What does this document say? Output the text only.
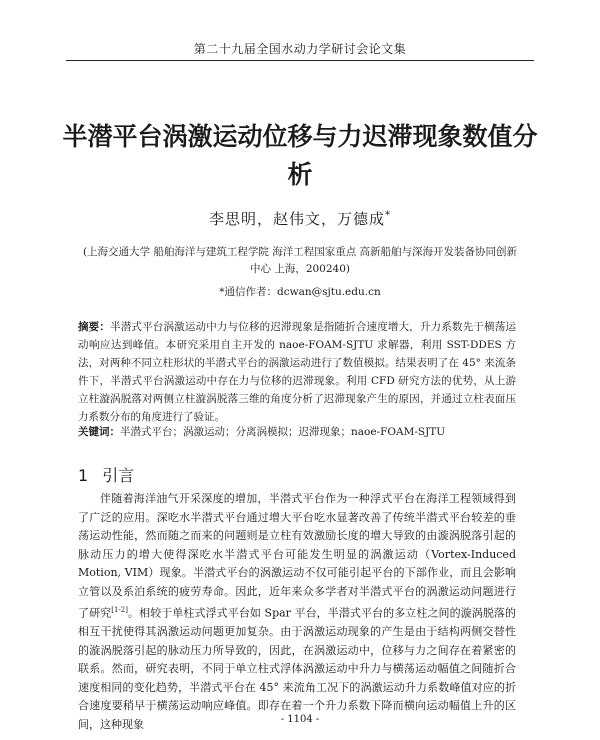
第二十九届全国水动力学研讨会论文集
半潜平台涡激运动位移与力迟滞现象数值分析
李思明，赵伟文，万德成*
(上海交通大学 船舶海洋与建筑工程学院 海洋工程国家重点 高新船舶与深海开发装备协同创新中心 上海，200240)
*通信作者：dcwan@sjtu.edu.cn
摘要：半潜式平台涡激运动中力与位移的迟滞现象是指随折合速度增大，升力系数先于横荡运动响应达到峰值。本研究采用自主开发的 naoe-FOAM-SJTU 求解器，利用 SST-DDES 方法，对两种不同立柱形状的半潜式平台的涡激运动进行了数值模拟。结果表明了在 45° 来流条件下，半潜式平台涡激运动中存在力与位移的迟滞现象。利用 CFD 研究方法的优势，从上游立柱漩涡脱落对两侧立柱漩涡脱落三维的角度分析了迟滞现象产生的原因，并通过立柱表面压力系数分布的角度进行了验证。
关键词：半潜式平台；涡激运动；分离涡模拟；迟滞现象；naoe-FOAM-SJTU
1 引言
伴随着海洋油气开采深度的增加，半潜式平台作为一种浮式平台在海洋工程领域得到了广泛的应用。深吃水半潜式平台通过增大平台吃水显著改善了传统半潜式平台较差的垂荡运动性能，然而随之而来的问题则是立柱有效激励长度的增大导致的由漩涡脱落引起的脉动压力的增大使得深吃水半潜式平台可能发生明显的涡激运动（Vortex-Induced Motion, VIM）现象。半潜式平台的涡激运动不仅可能引起平台的下部作业，而且会影响立管以及系泊系统的疲劳寿命。因此，近年来众多学者对半潜式平台的涡激运动问题进行了研究[1-2]。相较于单柱式浮式平台如 Spar 平台，半潜式平台的多立柱之间的漩涡脱落的相互干扰使得其涡激运动问题更加复杂。由于涡激运动现象的产生是由于结构两侧交替性的漩涡脱落引起的脉动压力所导致的，因此，在涡激运动中，位移与力之间存在着紧密的联系。然而，研究表明，不同于单立柱式浮体涡激运动中升力与横荡运动幅值之间随折合速度相同的变化趋势，半潜式平台在 45° 来流角工况下的涡激运动升力系数峰值对应的折合速度要稍早于横荡运动响应峰值。即存在着一个升力系数下降而横向运动幅值上升的区间，这种现象	- 1104 -
